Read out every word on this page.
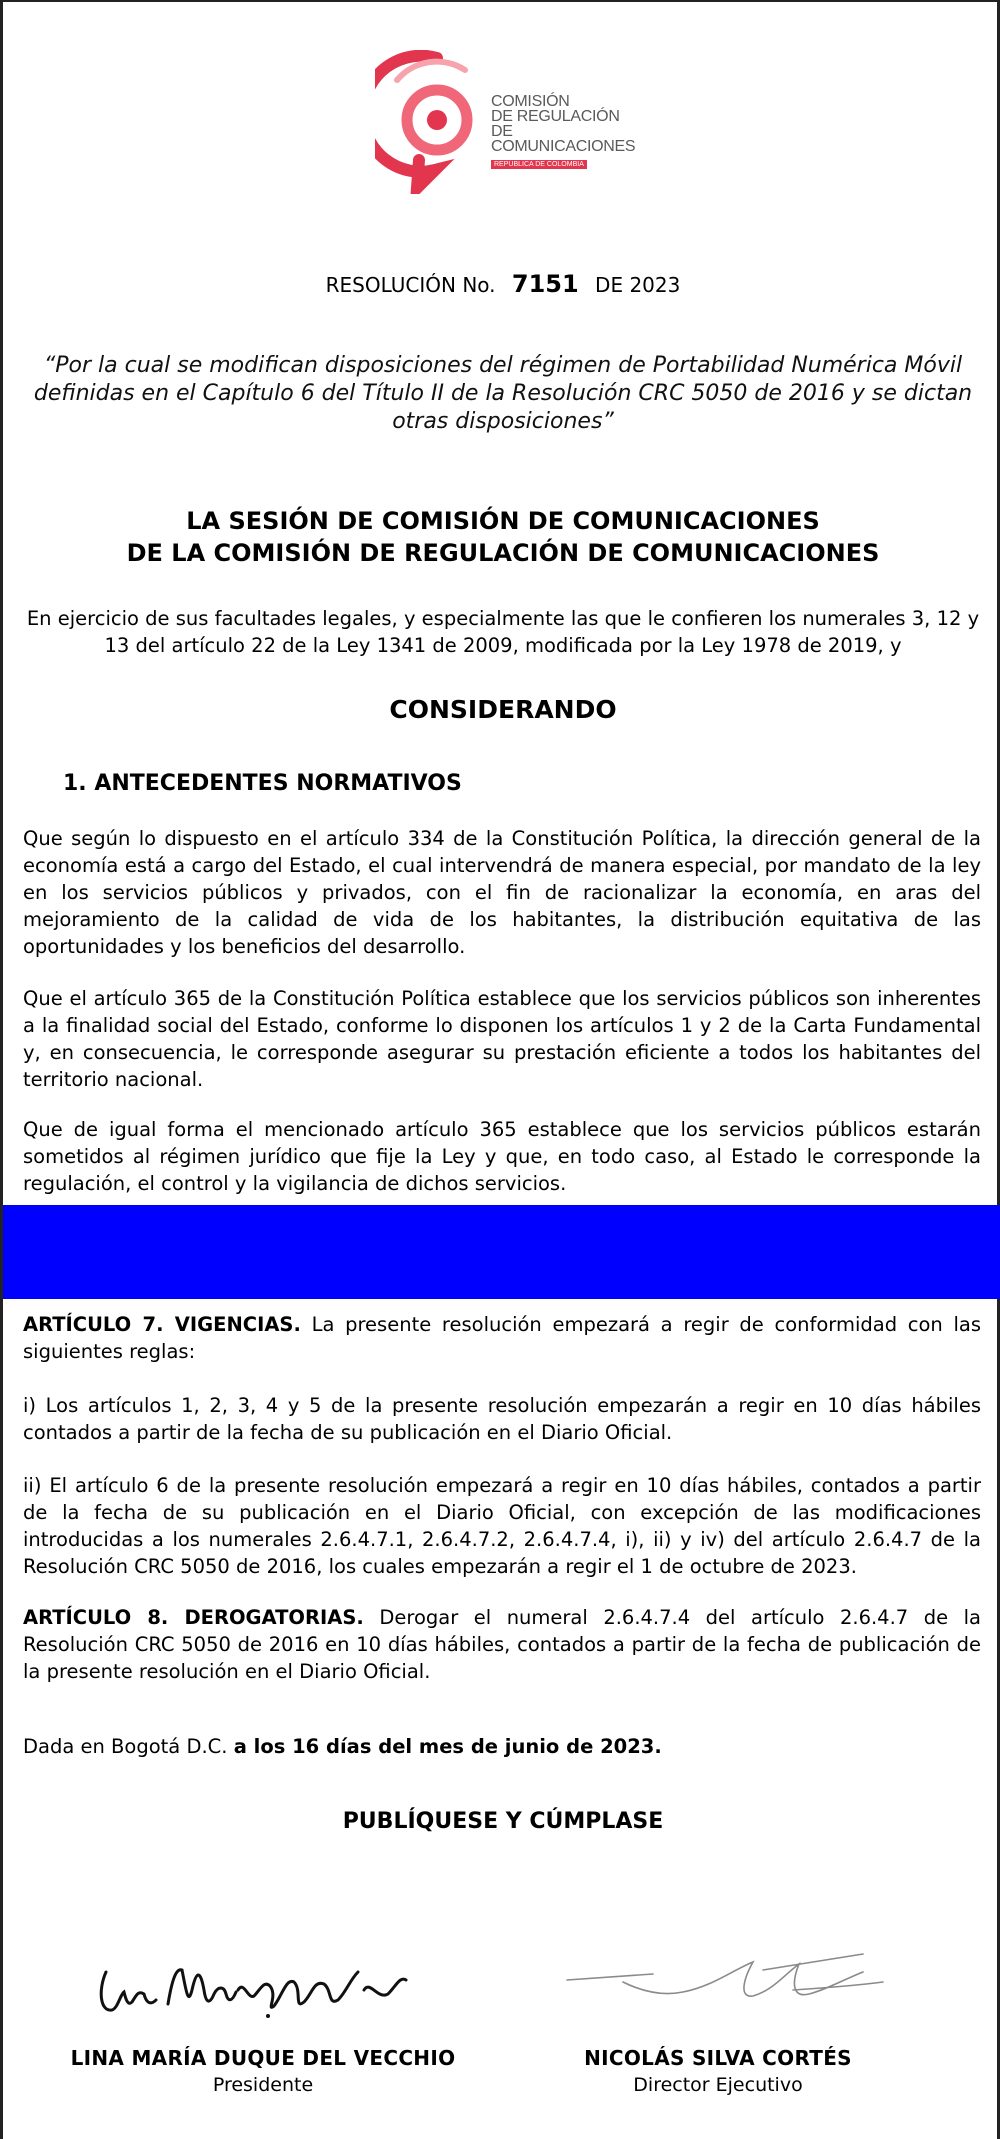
COMISIÓN
DE REGULACIÓN
DE COMUNICACIONES
REPÚBLICA DE COLOMBIA
RESOLUCIÓN No. 7151 DE 2023
“Por la cual se modifican disposiciones del régimen de Portabilidad Numérica Móvil definidas en el Capítulo 6 del Título II de la Resolución CRC 5050 de 2016 y se dictan otras disposiciones”
LA SESIÓN DE COMISIÓN DE COMUNICACIONES
DE LA COMISIÓN DE REGULACIÓN DE COMUNICACIONES
En ejercicio de sus facultades legales, y especialmente las que le confieren los numerales 3, 12 y 13 del artículo 22 de la Ley 1341 de 2009, modificada por la Ley 1978 de 2019, y
CONSIDERANDO
1. ANTECEDENTES NORMATIVOS
Que según lo dispuesto en el artículo 334 de la Constitución Política, la dirección general de la economía está a cargo del Estado, el cual intervendrá de manera especial, por mandato de la ley en los servicios públicos y privados, con el fin de racionalizar la economía, en aras del mejoramiento de la calidad de vida de los habitantes, la distribución equitativa de las oportunidades y los beneficios del desarrollo.
Que el artículo 365 de la Constitución Política establece que los servicios públicos son inherentes a la finalidad social del Estado, conforme lo disponen los artículos 1 y 2 de la Carta Fundamental y, en consecuencia, le corresponde asegurar su prestación eficiente a todos los habitantes del territorio nacional.
Que de igual forma el mencionado artículo 365 establece que los servicios públicos estarán sometidos al régimen jurídico que fije la Ley y que, en todo caso, al Estado le corresponde la regulación, el control y la vigilancia de dichos servicios.
ARTÍCULO 7. VIGENCIAS. La presente resolución empezará a regir de conformidad con las siguientes reglas:
i) Los artículos 1, 2, 3, 4 y 5 de la presente resolución empezarán a regir en 10 días hábiles contados a partir de la fecha de su publicación en el Diario Oficial.
ii) El artículo 6 de la presente resolución empezará a regir en 10 días hábiles, contados a partir de la fecha de su publicación en el Diario Oficial, con excepción de las modificaciones introducidas a los numerales 2.6.4.7.1, 2.6.4.7.2, 2.6.4.7.4, i), ii) y iv) del artículo 2.6.4.7 de la Resolución CRC 5050 de 2016, los cuales empezarán a regir el 1 de octubre de 2023.
ARTÍCULO 8. DEROGATORIAS. Derogar el numeral 2.6.4.7.4 del artículo 2.6.4.7 de la Resolución CRC 5050 de 2016 en 10 días hábiles, contados a partir de la fecha de publicación de la presente resolución en el Diario Oficial.
Dada en Bogotá D.C. a los 16 días del mes de junio de 2023.
PUBLÍQUESE Y CÚMPLASE
LINA MARÍA DUQUE DEL VECCHIO
Presidente
NICOLÁS SILVA CORTÉS
Director Ejecutivo
